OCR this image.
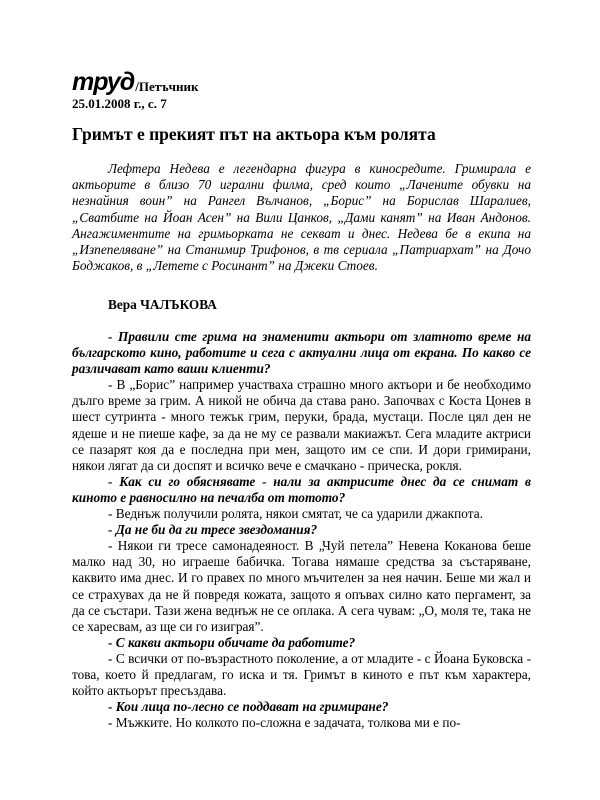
труд /Петъчник
25.01.2008 г., с. 7
Гримът е прекият път на актьора към ролята

Лефтера Недева е легендарна фигура в киносредите. Гримирала е актьорите в близо 70 игрални филма, сред които „Лачените обувки на незнайния воин” на Рангел Вълчанов, „Борис” на Борислав Шаралиев, „Сватбите на Йоан Асен” на Вили Цанков, „Дами канят” на Иван Андонов. Ангажиментите на гримьорката не секват и днес. Недева бе в екипа на „Изпепеляване” на Станимир Трифонов, в тв сериала „Патриархат” на Дочо Боджаков, в „Летете с Росинант” на Джеки Стоев.

Вера ЧАЛЪКОВА

- Правили сте грима на знаменити актьори от златното време на българското кино, работите и сега с актуални лица от екрана. По какво се различават като ваши клиенти?

- В „Борис” например участваха страшно много актьори и бе необходимо дълго време за грим. А никой не обича да става рано. Започвах с Коста Цонев в шест сутринта - много тежък грим, перуки, брада, мустаци. После цял ден не ядеше и не пиеше кафе, за да не му се развали макиажът. Сега младите актриси се пазарят коя да е последна при мен, защото им се спи. И дори гримирани, някои лягат да си доспят и всичко вече е смачкано - прическа, рокля.

- Как си го обяснявате - нали за актрисите днес да се снимат в киното е равносилно на печалба от тотото?

- Веднъж получили ролята, някои смятат, че са ударили джакпота.

- Да не би да ги тресе звездомания?

- Някои ги тресе самонадеяност. В „Чуй петела” Невена Коканова беше малко над 30, но играеше бабичка. Тогава нямаше средства за състаряване, каквито има днес. И го правех по много мъчителен за нея начин. Беше ми жал и се страхувах да не й повредя кожата, защото я опъвах силно като пергамент, за да се състари. Тази жена веднъж не се оплака. А сега чувам: „О, моля те, така не се харесвам, аз ще си го изиграя”.

- С какви актьори обичате да работите?

- С всички от по-възрастното поколение, а от младите - с Йоана Буковска - това, което й предлагам, го иска и тя. Гримът в киното е път към характера, който актьорът пресъздава.

- Кои лица по-лесно се поддават на гримиране?

- Мъжките. Но колкото по-сложна е задачата, толкова ми е по-
